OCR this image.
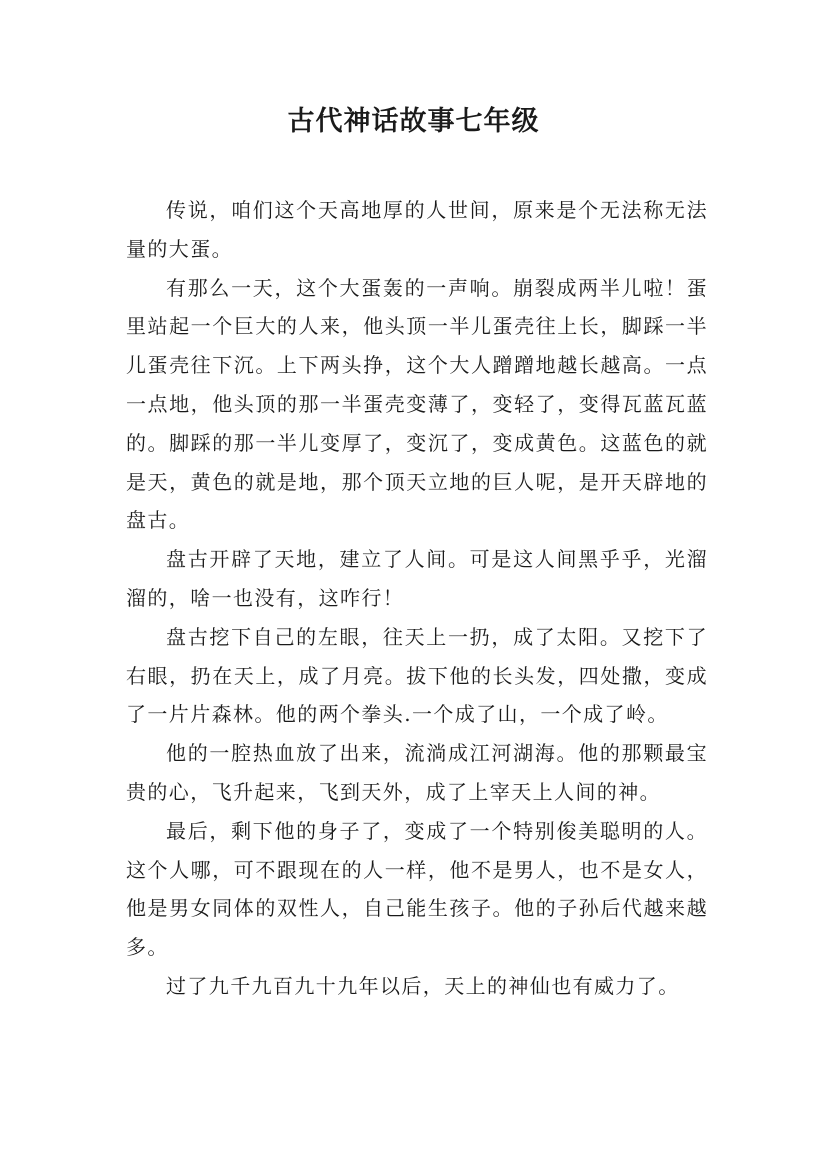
古代神话故事七年级

传说，咱们这个天高地厚的人世间，原来是个无法称无法量的大蛋。

有那么一天，这个大蛋轰的一声响。崩裂成两半儿啦！蛋里站起一个巨大的人来，他头顶一半儿蛋壳往上长，脚踩一半儿蛋壳往下沉。上下两头挣，这个大人蹭蹭地越长越高。一点一点地，他头顶的那一半蛋壳变薄了，变轻了，变得瓦蓝瓦蓝的。脚踩的那一半儿变厚了，变沉了，变成黄色。这蓝色的就是天，黄色的就是地，那个顶天立地的巨人呢，是开天辟地的盘古。

盘古开辟了天地，建立了人间。可是这人间黑乎乎，光溜溜的，啥一也没有，这咋行！

盘古挖下自己的左眼，往天上一扔，成了太阳。又挖下了右眼，扔在天上，成了月亮。拔下他的长头发，四处撒，变成了一片片森林。他的两个拳头.一个成了山，一个成了岭。

他的一腔热血放了出来，流淌成江河湖海。他的那颗最宝贵的心，飞升起来，飞到天外，成了上宰天上人间的神。

最后，剩下他的身子了，变成了一个特别俊美聪明的人。这个人哪，可不跟现在的人一样，他不是男人，也不是女人，他是男女同体的双性人，自己能生孩子。他的子孙后代越来越多。

过了九千九百九十九年以后，天上的神仙也有威力了。
